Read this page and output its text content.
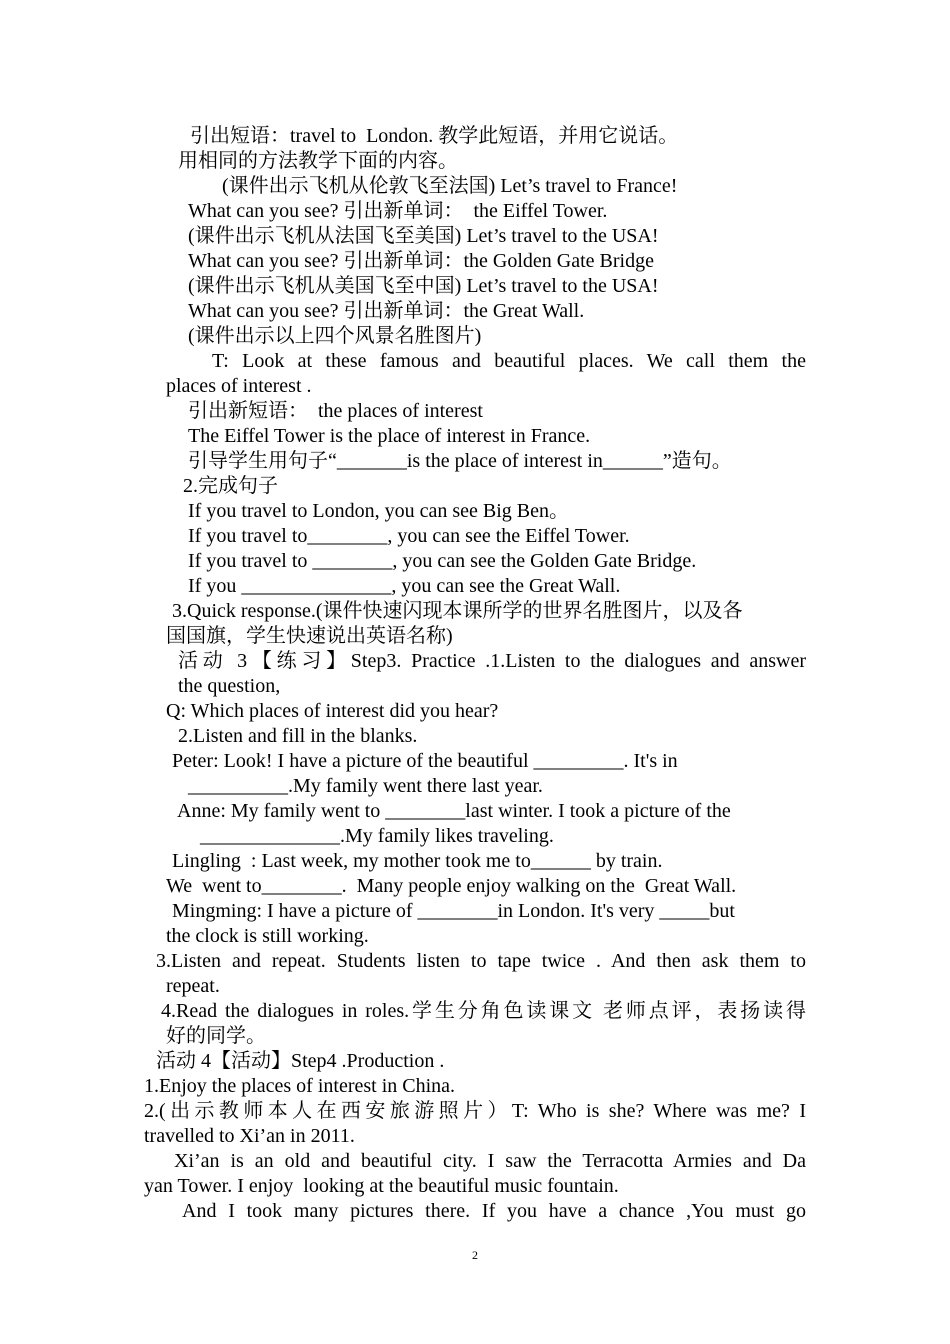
引出短语：travel to  London. 教学此短语，并用它说话。
用相同的方法教学下面的内容。
(课件出示飞机从伦敦飞至法国) Let’s travel to France!
What can you see? 引出新单词：  the Eiffel Tower.
(课件出示飞机从法国飞至美国) Let’s travel to the USA!
What can you see? 引出新单词：the Golden Gate Bridge
(课件出示飞机从美国飞至中国) Let’s travel to the USA!
What can you see? 引出新单词：the Great Wall.
(课件出示以上四个风景名胜图片)
T: Look at these famous and beautiful places. We call them the
places of interest .
引出新短语：  the places of interest
The Eiffel Tower is the place of interest in France.
引导学生用句子“_______is the place of interest in______”造句。
2.完成句子
If you travel to London, you can see Big Ben。
If you travel to________, you can see the Eiffel Tower.
If you travel to ________, you can see the Golden Gate Bridge.
If you _______________, you can see the Great Wall.
3.Quick response.(课件快速闪现本课所学的世界名胜图片，以及各
国国旗，学生快速说出英语名称)
活动 3【练习】Step3. Practice .1.Listen to the dialogues and answer
the question,
Q: Which places of interest did you hear?
2.Listen and fill in the blanks.
Peter: Look! I have a picture of the beautiful _________. It's in
__________.My family went there last year.
Anne: My family went to ________last winter. I took a picture of the
______________.My family likes traveling.
Lingling  : Last week, my mother took me to______ by train.
We  went to________.  Many people enjoy walking on the  Great Wall.
Mingming: I have a picture of ________in London. It's very _____but
the clock is still working.
3.Listen and repeat. Students listen to tape twice . And then ask them to
repeat.
4.Read the dialogues in roles.学生分角色读课文 老师点评，表扬读得
好的同学。
活动 4【活动】Step4 .Production .
1.Enjoy the places of interest in China.
2.(出示教师本人在西安旅游照片）T: Who is she? Where was me? I
travelled to Xi’an in 2011.
Xi’an is an old and beautiful city. I saw the Terracotta Armies and Da
yan Tower. I enjoy  looking at the beautiful music fountain.
And I took many pictures there. If you have a chance ,You must go
2
